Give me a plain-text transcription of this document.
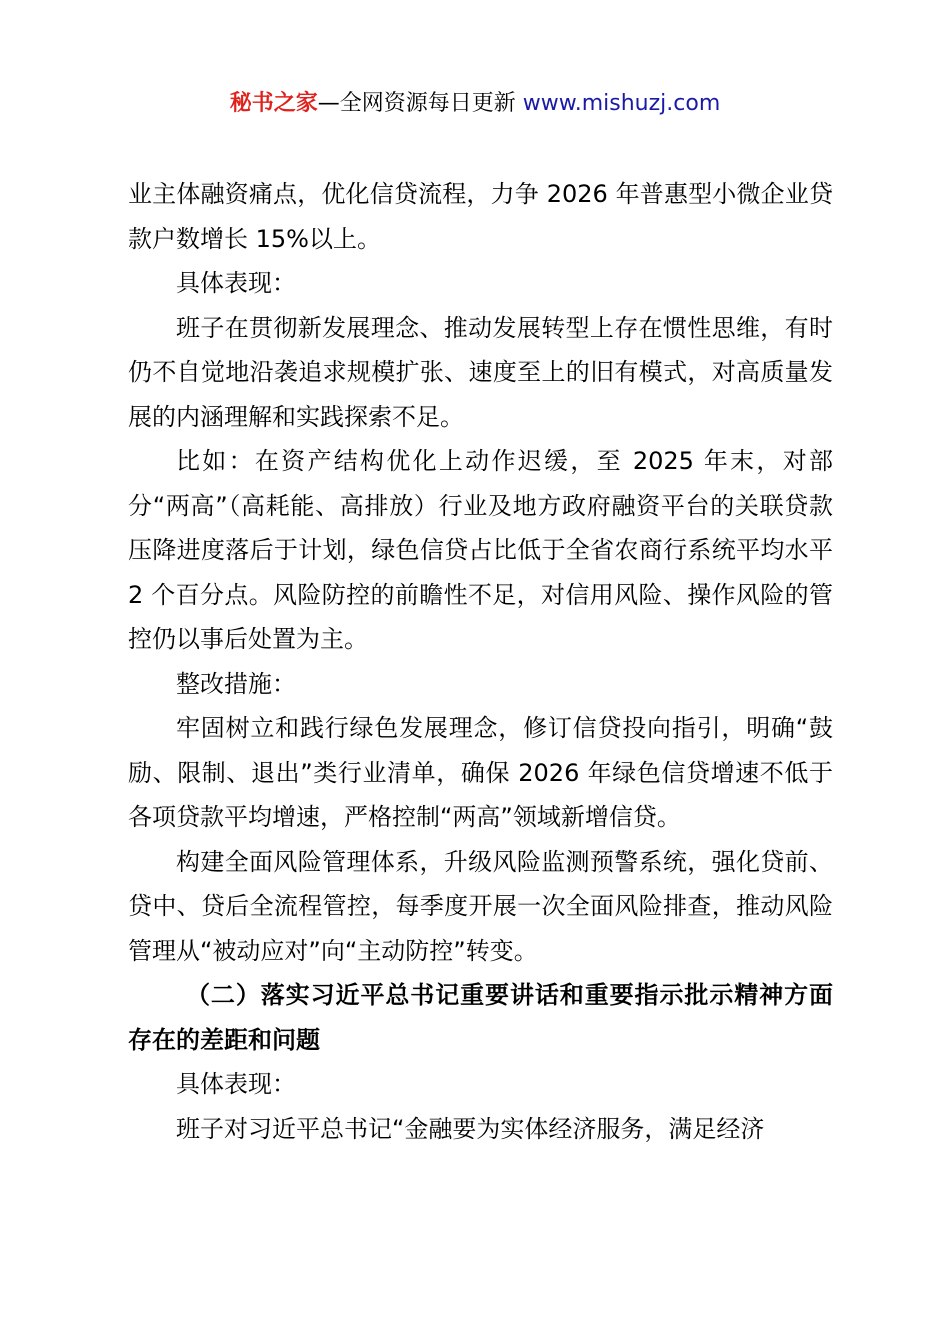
秘书之家—全网资源每日更新 www.mishuzj.com

业主体融资痛点，优化信贷流程，力争 2026 年普惠型小微企业贷款户数增长 15%以上。

具体表现：

班子在贯彻新发展理念、推动发展转型上存在惯性思维，有时仍不自觉地沿袭追求规模扩张、速度至上的旧有模式，对高质量发展的内涵理解和实践探索不足。

比如：在资产结构优化上动作迟缓，至 2025 年末，对部分“两高”（高耗能、高排放）行业及地方政府融资平台的关联贷款压降进度落后于计划，绿色信贷占比低于全省农商行系统平均水平 2 个百分点。风险防控的前瞻性不足，对信用风险、操作风险的管控仍以事后处置为主。

整改措施：

牢固树立和践行绿色发展理念，修订信贷投向指引，明确“鼓励、限制、退出”类行业清单，确保 2026 年绿色信贷增速不低于各项贷款平均增速，严格控制“两高”领域新增信贷。

构建全面风险管理体系，升级风险监测预警系统，强化贷前、贷中、贷后全流程管控，每季度开展一次全面风险排查，推动风险管理从“被动应对”向“主动防控”转变。

（二）落实习近平总书记重要讲话和重要指示批示精神方面存在的差距和问题

具体表现：

班子对习近平总书记“金融要为实体经济服务，满足经济
